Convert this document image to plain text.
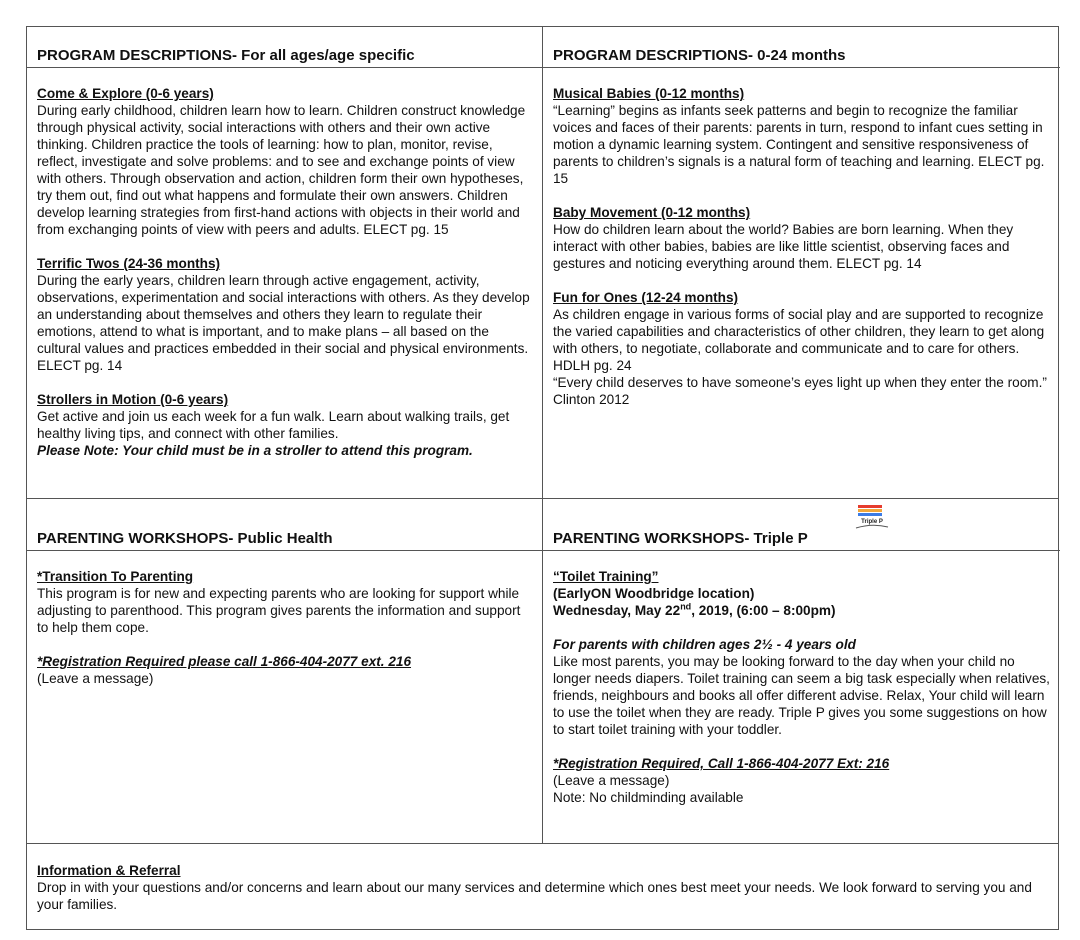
PROGRAM DESCRIPTIONS- For all ages/age specific	PROGRAM DESCRIPTIONS- 0-24 months
Come & Explore (0-6 years)

During early childhood, children learn how to learn. Children construct knowledge through physical activity, social interactions with others and their own active thinking. Children practice the tools of learning: how to plan, monitor, revise, reflect, investigate and solve problems: and to see and exchange points of view with others. Through observation and action, children form their own hypotheses, try them out, find out what happens and formulate their own answers. Children develop learning strategies from first-hand actions with objects in their world and from exchanging points of view with peers and adults. ELECT pg. 15

Terrific Twos (24-36 months)

During the early years, children learn through active engagement, activity, observations, experimentation and social interactions with others. As they develop an understanding about themselves and others they learn to regulate their emotions, attend to what is important, and to make plans – all based on the cultural values and practices embedded in their social and physical environments. ELECT pg. 14

Strollers in Motion (0-6 years)

Get active and join us each week for a fun walk. Learn about walking trails, get healthy living tips, and connect with other families.

Please Note: Your child must be in a stroller to attend this program.

Musical Babies (0-12 months)

“Learning” begins as infants seek patterns and begin to recognize the familiar voices and faces of their parents: parents in turn, respond to infant cues setting in motion a dynamic learning system. Contingent and sensitive responsiveness of parents to children’s signals is a natural form of teaching and learning. ELECT pg. 15

Baby Movement (0-12 months)

How do children learn about the world? Babies are born learning. When they interact with other babies, babies are like little scientist, observing faces and gestures and noticing everything around them. ELECT pg. 14

Fun for Ones (12-24 months)

As children engage in various forms of social play and are supported to recognize the varied capabilities and characteristics of other children, they learn to get along with others, to negotiate, collaborate and communicate and to care for others.

HDLH pg. 24

“Every child deserves to have someone’s eyes light up when they enter the room.” Clinton 2012

PARENTING WORKSHOPS- Public Health	PARENTING WORKSHOPS- Triple P
Triple P
*Transition To Parenting

This program is for new and expecting parents who are looking for support while adjusting to parenthood. This program gives parents the information and support to help them cope.

*Registration Required please call 1-866-404-2077 ext. 216

(Leave a message)

“Toilet Training”

(EarlyON Woodbridge location)

Wednesday, May 22nd, 2019, (6:00 – 8:00pm)

For parents with children ages 2½ - 4 years old

Like most parents, you may be looking forward to the day when your child no longer needs diapers. Toilet training can seem a big task especially when relatives, friends, neighbours and books all offer different advise. Relax, Your child will learn to use the toilet when they are ready. Triple P gives you some suggestions on how to start toilet training with your toddler.

*Registration Required, Call 1-866-404-2077 Ext: 216

(Leave a message)

Note: No childminding available

Information & Referral

Drop in with your questions and/or concerns and learn about our many services and determine which ones best meet your needs. We look forward to serving you and your families.
